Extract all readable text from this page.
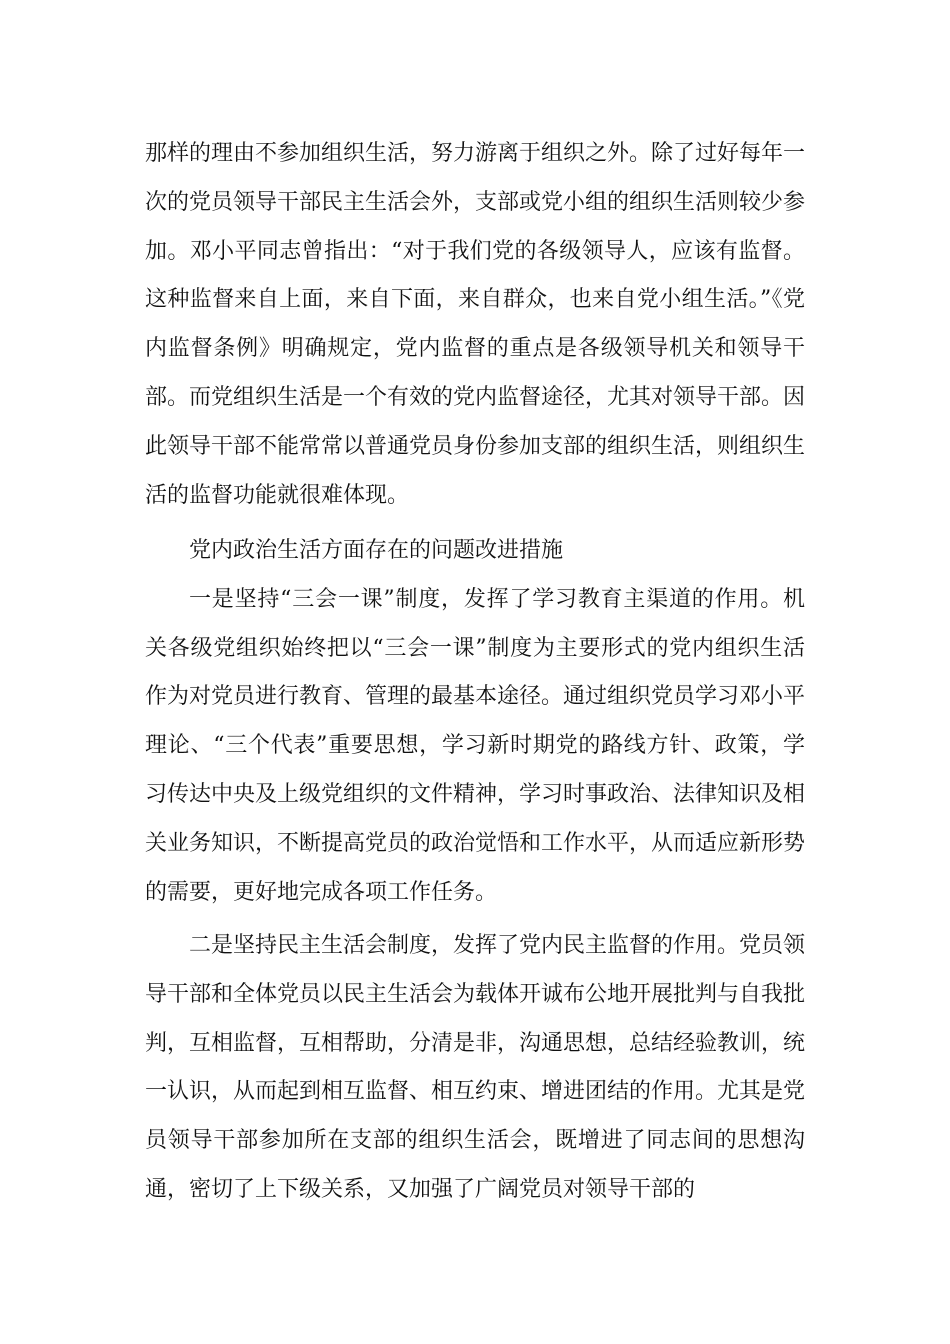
那样的理由不参加组织生活，努力游离于组织之外。除了过好每年一次的党员领导干部民主生活会外，支部或党小组的组织生活则较少参加。邓小平同志曾指出：“对于我们党的各级领导人，应该有监督。这种监督来自上面，来自下面，来自群众，也来自党小组生活。”《党内监督条例》明确规定，党内监督的重点是各级领导机关和领导干部。而党组织生活是一个有效的党内监督途径，尤其对领导干部。因此领导干部不能常常以普通党员身份参加支部的组织生活，则组织生活的监督功能就很难体现。

党内政治生活方面存在的问题改进措施

一是坚持“三会一课”制度，发挥了学习教育主渠道的作用。机关各级党组织始终把以“三会一课”制度为主要形式的党内组织生活作为对党员进行教育、管理的最基本途径。通过组织党员学习邓小平理论、“三个代表”重要思想，学习新时期党的路线方针、政策，学习传达中央及上级党组织的文件精神，学习时事政治、法律知识及相关业务知识，不断提高党员的政治觉悟和工作水平，从而适应新形势的需要，更好地完成各项工作任务。

二是坚持民主生活会制度，发挥了党内民主监督的作用。党员领导干部和全体党员以民主生活会为载体开诚布公地开展批判与自我批判，互相监督，互相帮助，分清是非，沟通思想，总结经验教训，统一认识，从而起到相互监督、相互约束、增进团结的作用。尤其是党员领导干部参加所在支部的组织生活会，既增进了同志间的思想沟通，密切了上下级关系，又加强了广阔党员对领导干部的
